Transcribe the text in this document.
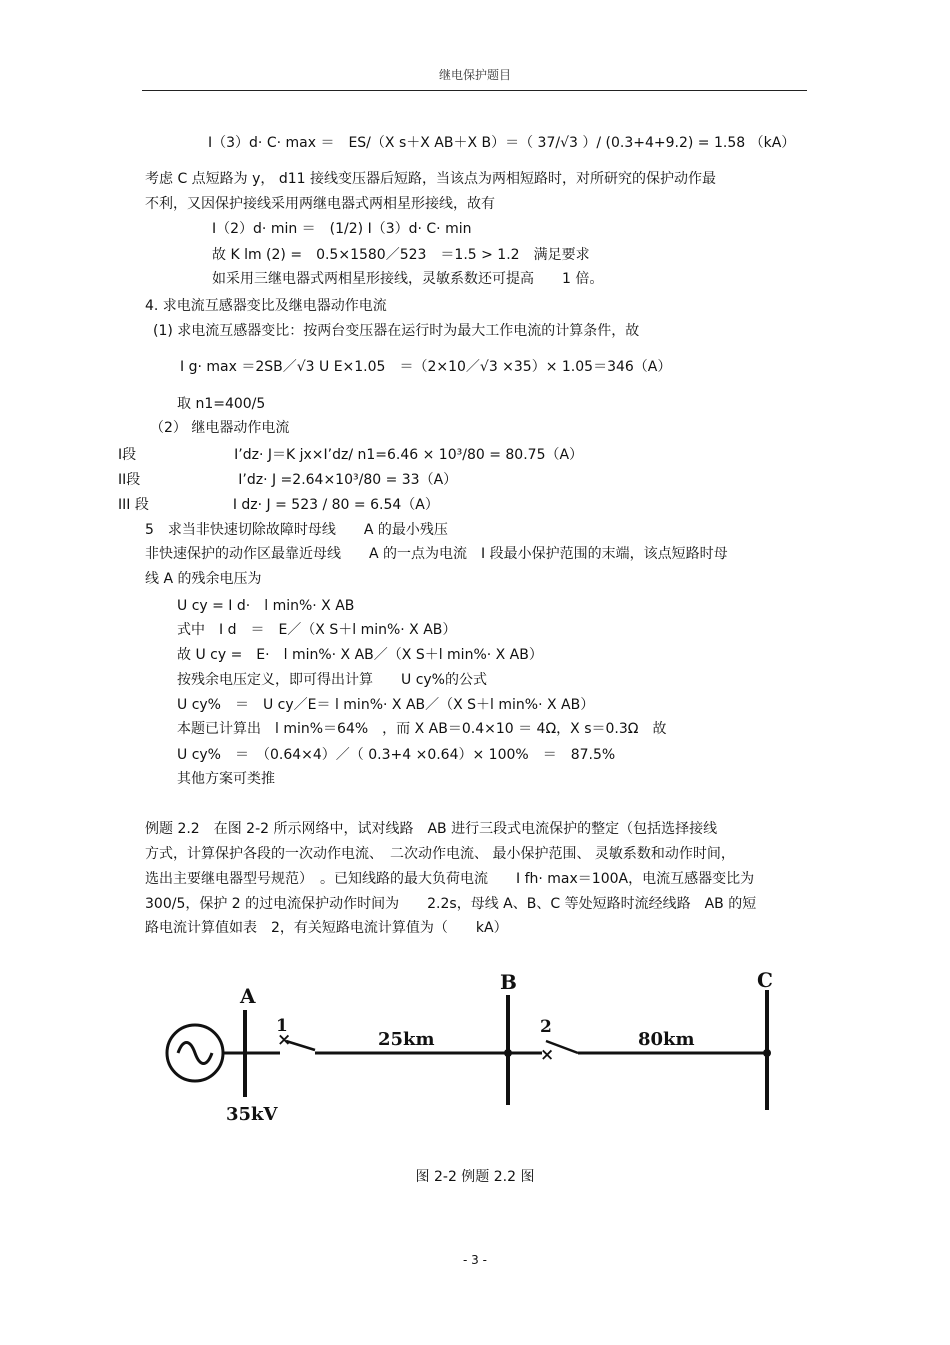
继电保护题目
I（3）d· C· max ＝　ES/（X s＋X AB＋X B）＝（ 37/√3 ）/ (0.3+4+9.2) = 1.58 （kA）
考虑 C 点短路为 y， d11 接线变压器后短路，当该点为两相短路时，对所研究的保护动作最
不利，又因保护接线采用两继电器式两相星形接线，故有
I（2）d· min ＝　(1/2) I（3）d· C· min
故 K lm (2) =　0.5×1580／523　＝1.5 > 1.2　满足要求
如采用三继电器式两相星形接线，灵敏系数还可提高　　1 倍。
4. 求电流互感器变比及继电器动作电流
(1) 求电流互感器变比：按两台变压器在运行时为最大工作电流的计算条件，故
I g· max ＝2SB／√3 U E×1.05　＝（2×10／√3 ×35）× 1.05＝346（A）
取 n1=400/5
（2） 继电器动作电流
I段　　　　　　　I’dz· J＝K jx×I’dz/ n1=6.46 × 10³/80 = 80.75（A）
II段　　　　　　　I’dz· J =2.64×10³/80 = 33（A）
III 段　　　　　　I dz· J = 523 / 80 = 6.54（A）
5　求当非快速切除故障时母线　　A 的最小残压
非快速保护的动作区最靠近母线　　A 的一点为电流　I 段最小保护范围的末端，该点短路时母
线 A 的残余电压为
U cy = I d·　l min%· X AB
式中　I d　＝　E／（X S＋l min%· X AB）
故 U cy =　E·　l min%· X AB／（X S＋l min%· X AB）
按残余电压定义，即可得出计算　　U cy%的公式
U cy%　＝　U cy／E＝ l min%· X AB／（X S＋l min%· X AB）
本题已计算出　l min%＝64%　，而 X AB＝0.4×10 ＝ 4Ω，X s＝0.3Ω　故
U cy%　＝　（0.64×4）／（ 0.3+4 ×0.64）× 100%　＝　87.5%
其他方案可类推
例题 2.2　在图 2-2 所示网络中，试对线路　AB 进行三段式电流保护的整定（包括选择接线
方式，计算保护各段的一次动作电流、　二次动作电流、 最小保护范围、 灵敏系数和动作时间，
选出主要继电器型号规范）　。已知线路的最大负荷电流　　I fh· max＝100A，电流互感器变比为
300/5，保护 2 的过电流保护动作时间为　　2.2s，母线 A、B、C 等处短路时流经线路　AB 的短
路电流计算值如表　2，有关短路电流计算值为（　　kA）
A
35kV
×
1
25km
B
×
2
80km
C
图 2-2 例题 2.2 图
- 3 -
